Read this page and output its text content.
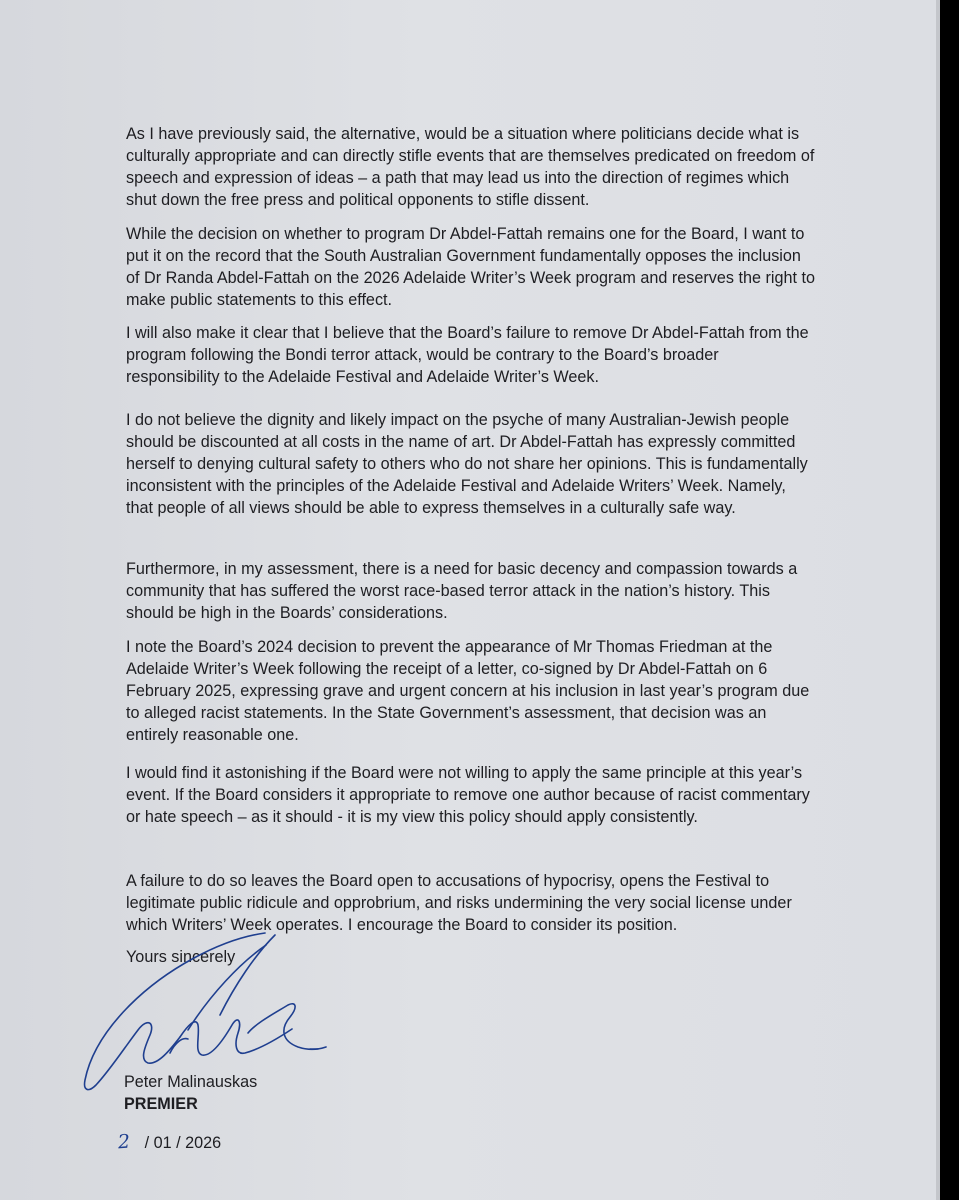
As I have previously said, the alternative, would be a situation where politicians decide what is culturally appropriate and can directly stifle events that are themselves predicated on freedom of speech and expression of ideas – a path that may lead us into the direction of regimes which shut down the free press and political opponents to stifle dissent.

While the decision on whether to program Dr Abdel-Fattah remains one for the Board, I want to put it on the record that the South Australian Government fundamentally opposes the inclusion of Dr Randa Abdel-Fattah on the 2026 Adelaide Writer’s Week program and reserves the right to make public statements to this effect.

I will also make it clear that I believe that the Board’s failure to remove Dr Abdel-Fattah from the program following the Bondi terror attack, would be contrary to the Board’s broader responsibility to the Adelaide Festival and Adelaide Writer’s Week.

I do not believe the dignity and likely impact on the psyche of many Australian-Jewish people should be discounted at all costs in the name of art. Dr Abdel-Fattah has expressly committed herself to denying cultural safety to others who do not share her opinions. This is fundamentally inconsistent with the principles of the Adelaide Festival and Adelaide Writers’ Week. Namely, that people of all views should be able to express themselves in a culturally safe way.

Furthermore, in my assessment, there is a need for basic decency and compassion towards a community that has suffered the worst race-based terror attack in the nation’s history. This should be high in the Boards’ considerations.

I note the Board’s 2024 decision to prevent the appearance of Mr Thomas Friedman at the Adelaide Writer’s Week following the receipt of a letter, co-signed by Dr Abdel-Fattah on 6 February 2025, expressing grave and urgent concern at his inclusion in last year’s program due to alleged racist statements. In the State Government’s assessment, that decision was an entirely reasonable one.

I would find it astonishing if the Board were not willing to apply the same principle at this year’s event. If the Board considers it appropriate to remove one author because of racist commentary or hate speech – as it should - it is my view this policy should apply consistently.

A failure to do so leaves the Board open to accusations of hypocrisy, opens the Festival to legitimate public ridicule and opprobrium, and risks undermining the very social license under which Writers’ Week operates. I encourage the Board to consider its position.

Yours sincerely
Peter Malinauskas
PREMIER
2 / 01 / 2026
